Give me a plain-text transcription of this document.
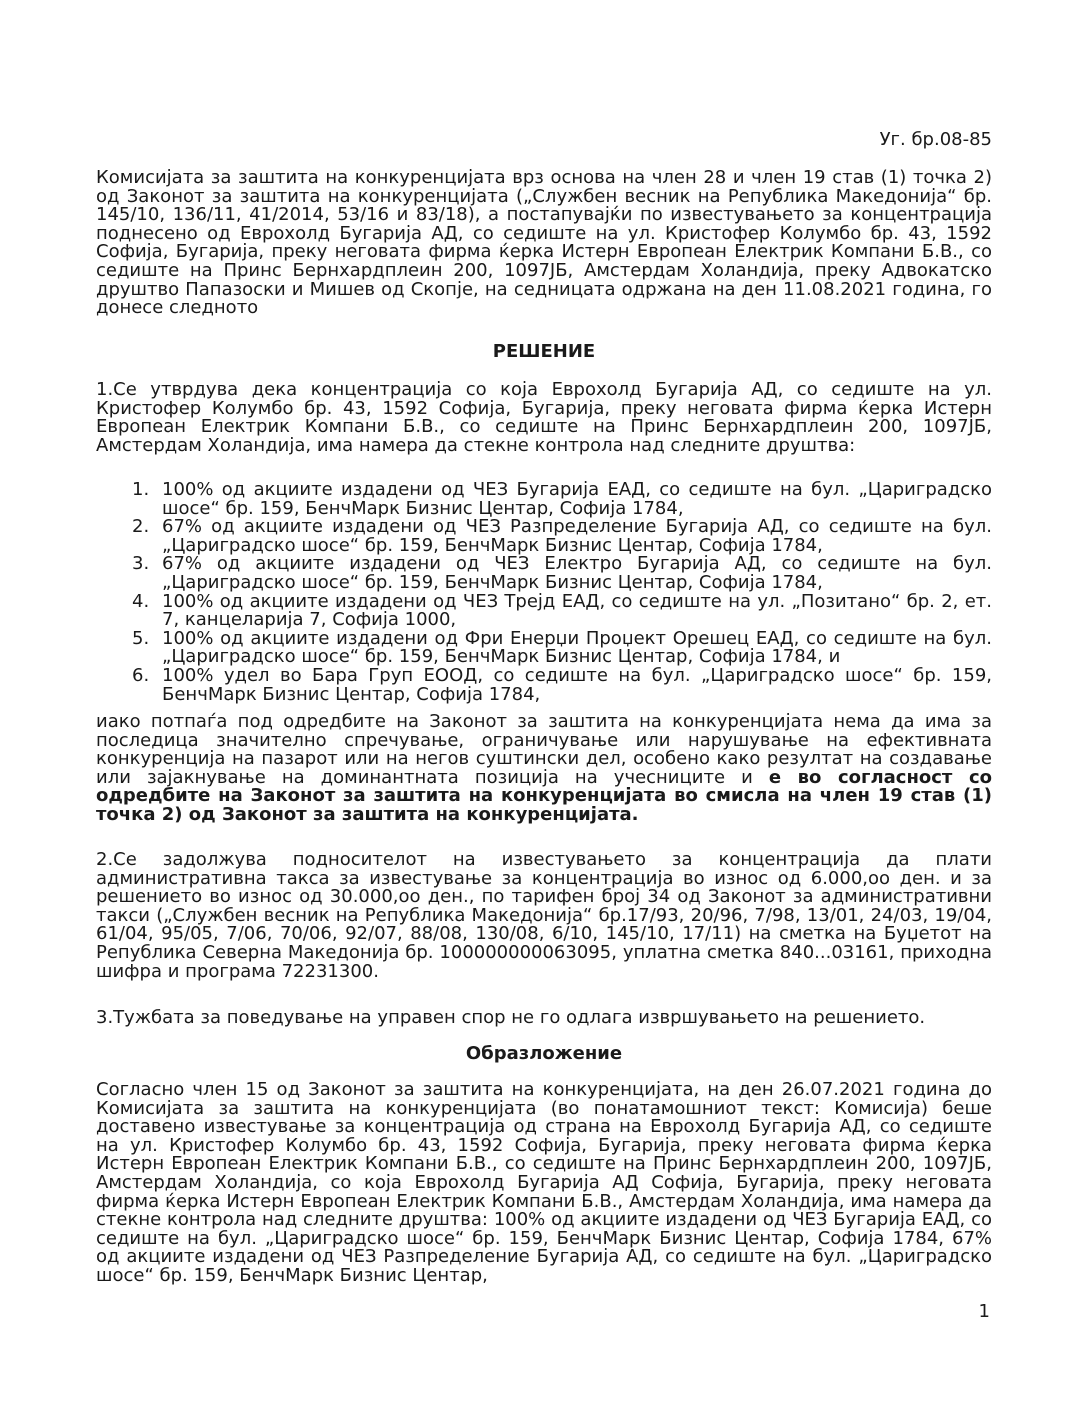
Уг. бр.08-85

Комисијата за заштита на конкуренцијата врз основа на член 28 и член 19 став (1) точка 2) од Законот за заштита на конкуренцијата („Службен весник на Република Македонија“ бр. 145/10, 136/11, 41/2014, 53/16 и 83/18), а постапувајќи по известувањето за концентрација поднесено од Еврохолд Бугарија АД, со седиште на ул. Кристофер Колумбо бр. 43, 1592 Софија, Бугарија, преку неговата фирма ќерка Истерн Европеан Електрик Компани Б.В., со седиште на Принс Бернхардплеин 200, 1097ЈБ, Амстердам Холандија, преку Адвокатско друштво Папазоски и Мишев од Скопје, на седницата одржана на ден 11.08.2021 година, го донесе следното

РЕШЕНИЕ

1.Се утврдува дека концентрација со која Еврохолд Бугарија АД, со седиште на ул. Кристофер Колумбо бр. 43, 1592 Софија, Бугарија, преку неговата фирма ќерка Истерн Европеан Електрик Компани Б.В., со седиште на Принс Бернхардплеин 200, 1097ЈБ, Амстердам Холандија, има намера да стекне контрола над следните друштва:

1. 100% од акциите издадени од ЧЕЗ Бугарија ЕАД, со седиште на бул. „Цариградско шосе“ бр. 159, БенчМарк Бизнис Центар, Софија 1784,
2. 67% од акциите издадени од ЧЕЗ Разпределение Бугарија АД, со седиште на бул. „Цариградско шосе“ бр. 159, БенчМарк Бизнис Центар, Софија 1784,
3. 67% од акциите издадени од ЧЕЗ Електро Бугарија АД, со седиште на бул. „Цариградско шосе“ бр. 159, БенчМарк Бизнис Центар, Софија 1784,
4. 100% од акциите издадени од ЧЕЗ Трејд ЕАД, со седиште на ул. „Позитано“ бр. 2, ет. 7, канцеларија 7, Софија 1000,
5. 100% од акциите издадени од Фри Енерџи Проџект Орешец ЕАД, со седиште на бул. „Цариградско шосе“ бр. 159, БенчМарк Бизнис Центар, Софија 1784, и
6. 100% удел во Бара Груп ЕООД, со седиште на бул. „Цариградско шосе“ бр. 159, БенчМарк Бизнис Центар, Софија 1784,

иако потпаѓа под одредбите на Законот за заштита на конкуренцијата нема да има за последица значително спречување, ограничување или нарушување на ефективната конкуренција на пазарот или на негов суштински дел, особено како резултат на создавање или зајакнување на доминантната позиција на учесниците и е во согласност со одредбите на Законот за заштита на конкуренцијата во смисла на член 19 став (1) точка 2) од Законот за заштита на конкуренцијата.

2.Се задолжува подносителот на известувањето за концентрација да плати административна такса за известување за концентрација во износ од 6.000,оо ден. и за решението во износ од 30.000,оо ден., по тарифен број 34 од Законот за административни такси („Службен весник на Република Македонија“ бр.17/93, 20/96, 7/98, 13/01, 24/03, 19/04, 61/04, 95/05, 7/06, 70/06, 92/07, 88/08, 130/08, 6/10, 145/10, 17/11) на сметка на Буџетот на Република Северна Македонија бр. 100000000063095, уплатна сметка 840...03161, приходна шифра и програма 72231300.

3.Тужбата за поведување на управен спор не го одлага извршувањето на решението.

Образложение

Согласно член 15 од Законот за заштита на конкуренцијата, на ден 26.07.2021 година до Комисијата за заштита на конкуренцијата (во понатамошниот текст: Комисија) беше доставено известување за концентрација од страна на Еврохолд Бугарија АД, со седиште на ул. Кристофер Колумбо бр. 43, 1592 Софија, Бугарија, преку неговата фирма ќерка Истерн Европеан Електрик Компани Б.В., со седиште на Принс Бернхардплеин 200, 1097ЈБ, Амстердам Холандија, со која Еврохолд Бугарија АД Софија, Бугарија, преку неговата фирма ќерка Истерн Европеан Електрик Компани Б.В., Амстердам Холандија, има намера да стекне контрола над следните друштва: 100% од акциите издадени од ЧЕЗ Бугарија ЕАД, со седиште на бул. „Цариградско шосе“ бр. 159, БенчМарк Бизнис Центар, Софија 1784, 67% од акциите издадени од ЧЕЗ Разпределение Бугарија АД, со седиште на бул. „Цариградско шосе“ бр. 159, БенчМарк Бизнис Центар,

1
